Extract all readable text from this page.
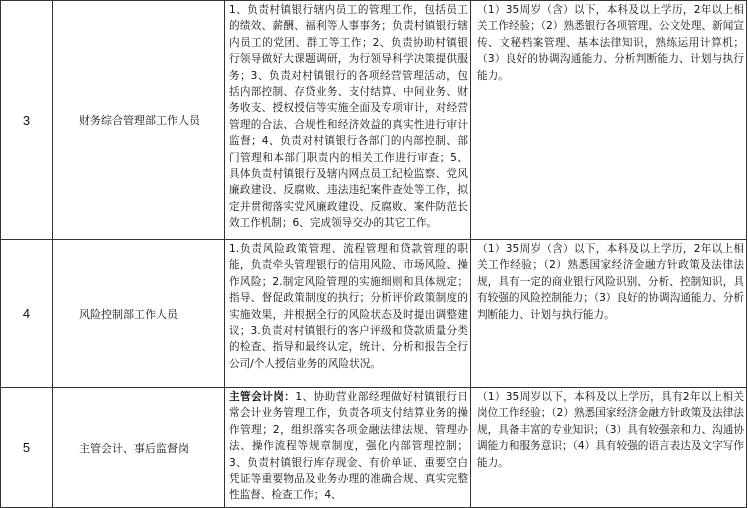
3	财务综合管理部工作人员	1、负责村镇银行辖内员工的管理工作，包括员工的绩效、薪酬、福利等人事事务；负责村镇银行辖内员工的党团、群工等工作；2、负责协助村镇银行领导做好大课题调研，为行领导科学决策提供服务；3、负责对村镇银行的各项经营管理活动，包括内部控制、存贷业务、支付结算、中间业务、财务收支、授权授信等实施全面及专项审计，对经营管理的合法、合规性和经济效益的真实性进行审计监督；4、负责对村镇银行各部门的内部控制、部门管理和本部门职责内的相关工作进行审查；5、具体负责村镇银行及辖内网点员工纪检监察、党风廉政建设、反腐败、违法违纪案件查处等工作，拟定并贯彻落实党风廉政建设、反腐败、案件防范长效工作机制；6、完成领导交办的其它工作。	（1）35周岁（含）以下，本科及以上学历，2年以上相关工作经验；（2）熟悉银行各项管理、公文处理、新闻宣传、文秘档案管理、基本法律知识，熟练运用计算机；（3）良好的协调沟通能力、分析判断能力、计划与执行能力。

4	风险控制部工作人员	1.负责风险政策管理、流程管理和贷款管理的职能，负责牵头管理银行的信用风险、市场风险、操作风险；2.制定风险管理的实施细则和具体规定；指导、督促政策制度的执行；分析评价政策制度的实施效果，并根据全行的风险状态及时提出调整建议；3.负责对村镇银行的客户评级和贷款质量分类的检查、指导和最终认定，统计、分析和报告全行公司/个人授信业务的风险状况。	（1）35周岁（含）以下，本科及以上学历，2年以上相关工作经验；（2）熟悉国家经济金融方针政策及法律法规，具有一定的商业银行风险识别、分析、控制知识，具有较强的风险控制能力；（3）良好的协调沟通能力、分析判断能力、计划与执行能力。

5	主管会计、事后监督岗	主管会计岗：1、协助营业部经理做好村镇银行日常会计业务管理工作，负责各项支付结算业务的操作管理；2，组织落实各项金融法律法规、管理办法、操作流程等规章制度，强化内部管理控制；3、负责村镇银行库存现金、有价单证、重要空白凭证等重要物品及业务办理的准确合规、真实完整性监督、检查工作；4、	（1）35周岁以下，本科及以上学历，具有2年以上相关岗位工作经验；（2）熟悉国家经济金融方针政策及法律法规，具备丰富的专业知识；（3）具有较强亲和力、沟通协调能力和服务意识；（4）具有较强的语言表达及文字写作能力。
